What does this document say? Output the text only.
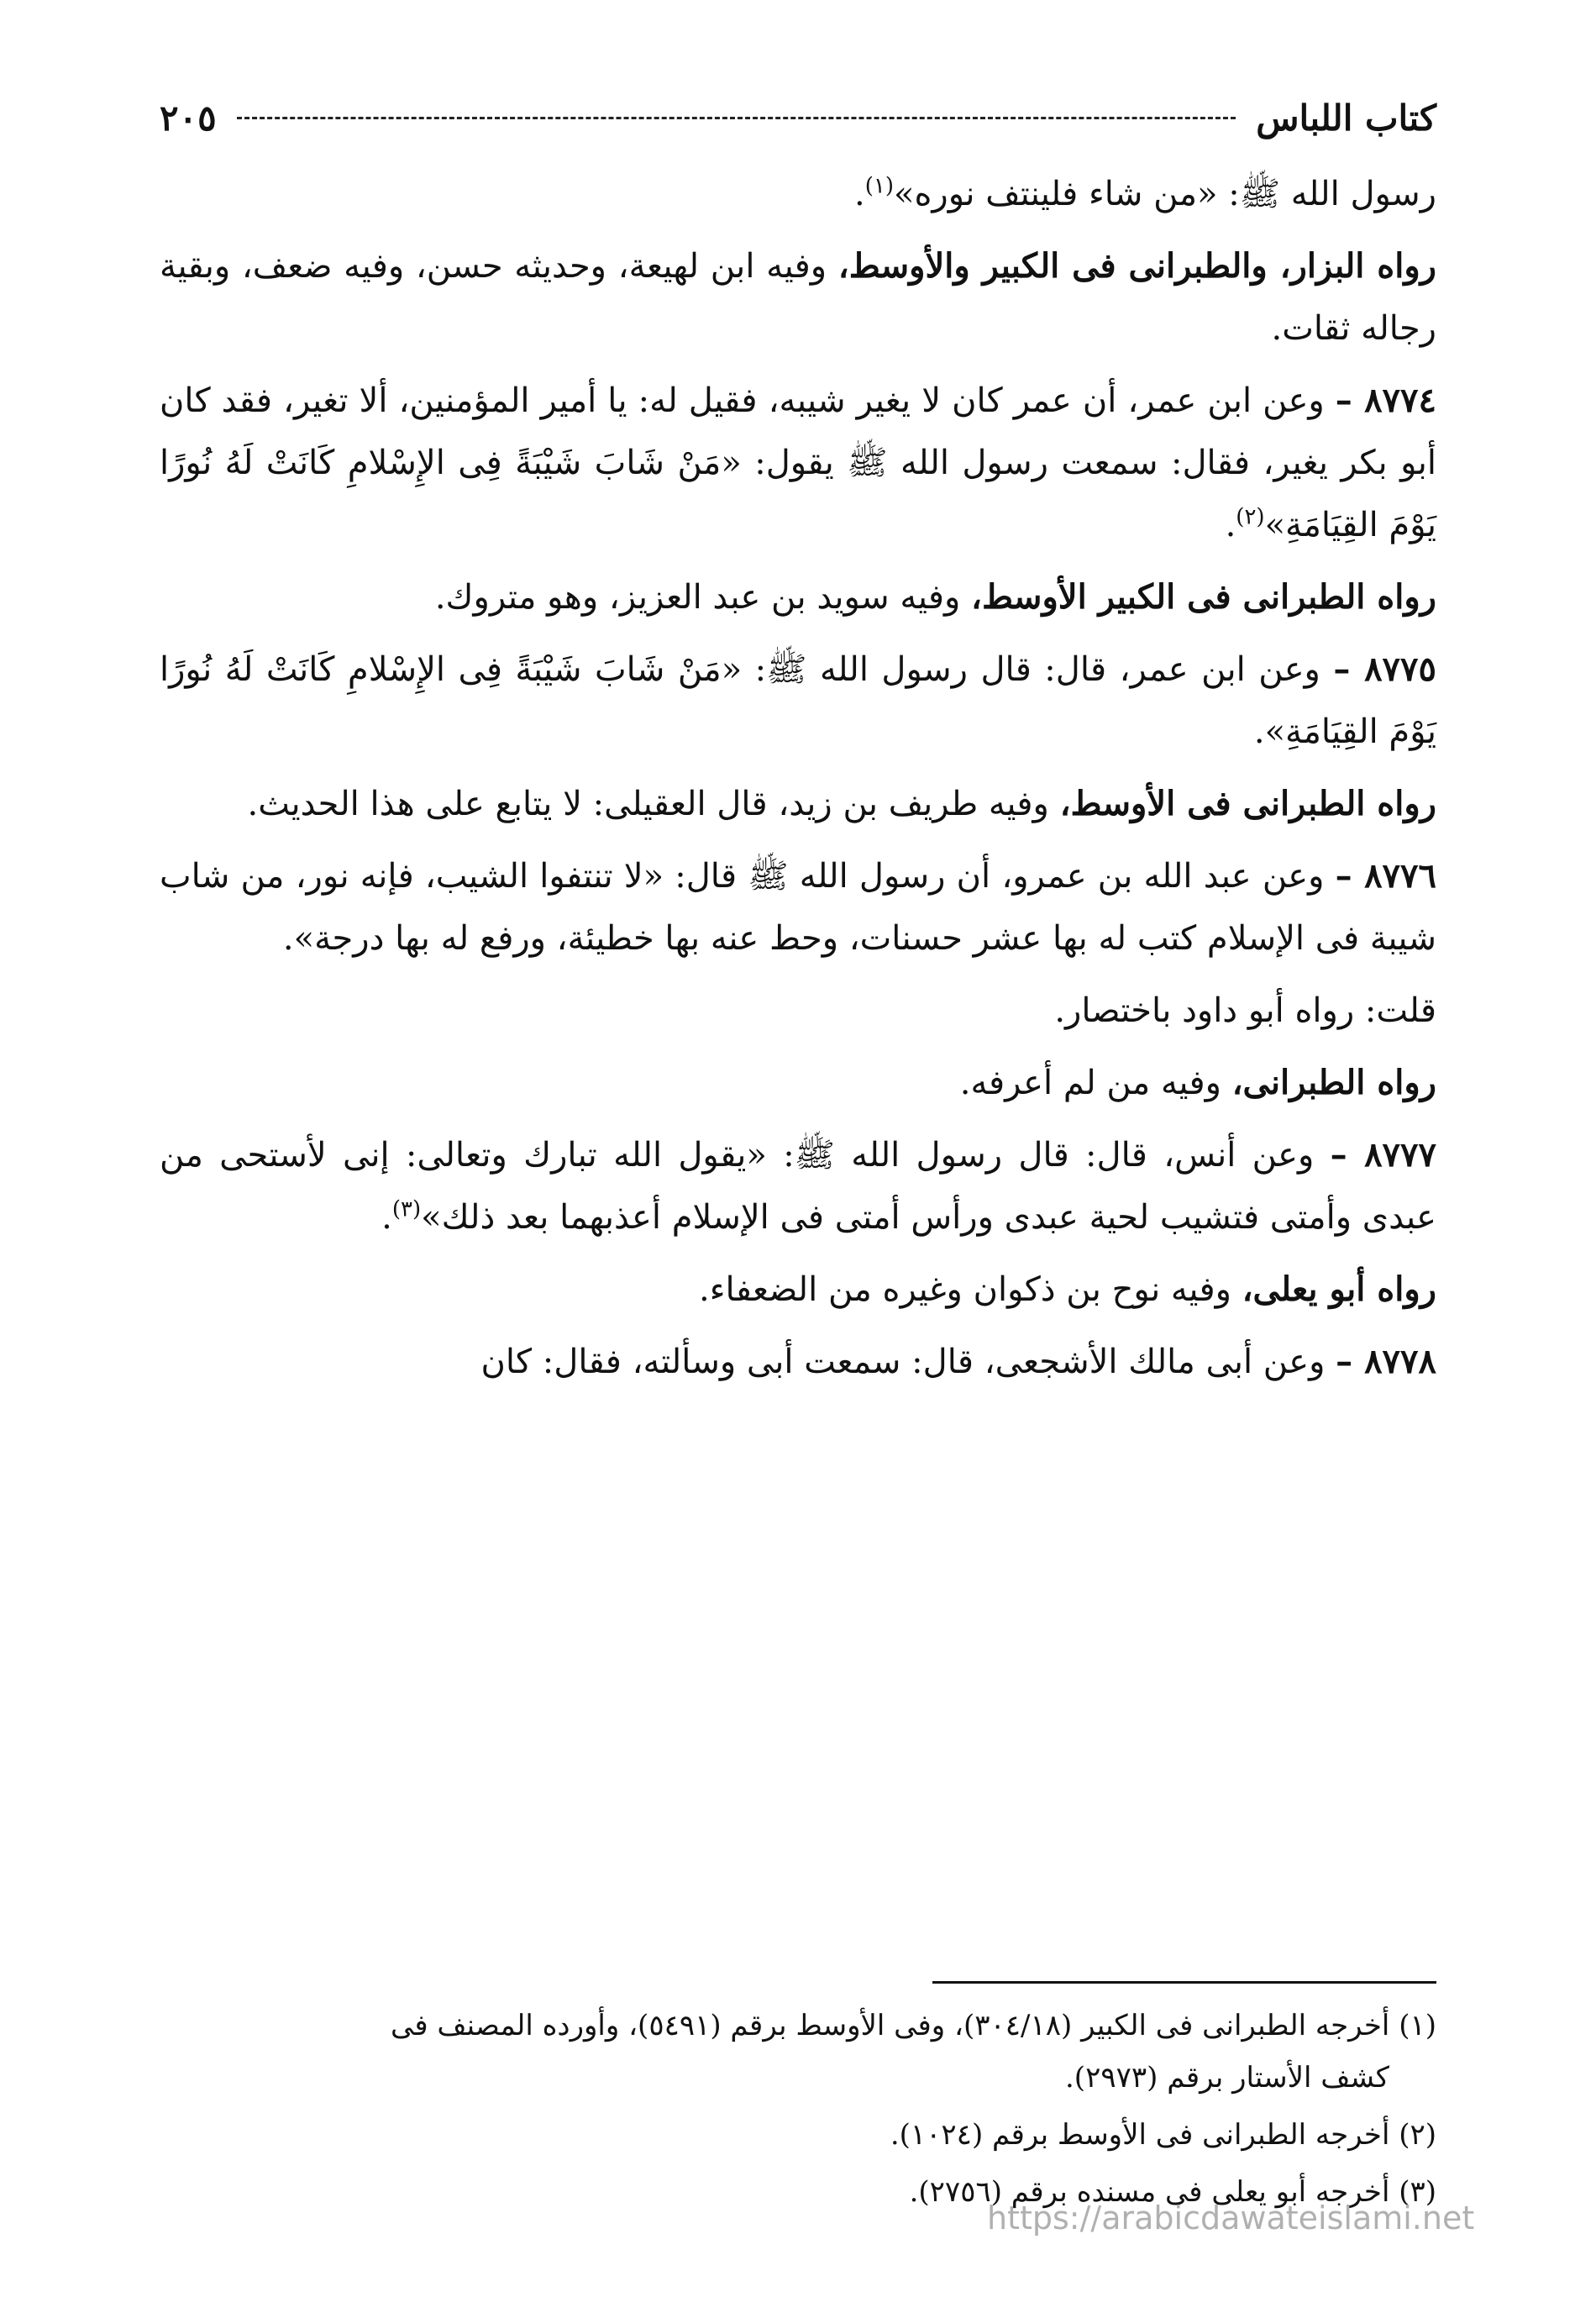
كتاب اللباس
٢٠٥
رسول الله ﷺ: «من شاء فلينتف نوره»$^{(١)}$.
رواه البزار، والطبرانى فى الكبير والأوسط، وفيه ابن لهيعة، وحديثه حسن، وفيه ضعف، وبقية رجاله ثقات.
٨٧٧٤ – وعن ابن عمر، أن عمر كان لا يغير شيبه، فقيل له: يا أمير المؤمنين، ألا تغير، فقد كان أبو بكر يغير، فقال: سمعت رسول الله ﷺ يقول: «مَنْ شَابَ شَيْبَةً فِى الإِسْلامِ كَانَتْ لَهُ نُورًا يَوْمَ القِيَامَةِ»$^{(٢)}$.
رواه الطبرانى فى الكبير الأوسط، وفيه سويد بن عبد العزيز، وهو متروك.
٨٧٧٥ – وعن ابن عمر، قال: قال رسول الله ﷺ: «مَنْ شَابَ شَيْبَةً فِى الإِسْلامِ كَانَتْ لَهُ نُورًا يَوْمَ القِيَامَةِ».
رواه الطبرانى فى الأوسط، وفيه طريف بن زيد، قال العقيلى: لا يتابع على هذا الحديث.
٨٧٧٦ – وعن عبد الله بن عمرو، أن رسول الله ﷺ قال: «لا تنتفوا الشيب، فإنه نور، من شاب شيبة فى الإسلام كتب له بها عشر حسنات، وحط عنه بها خطيئة، ورفع له بها درجة».
قلت: رواه أبو داود باختصار.
رواه الطبرانى، وفيه من لم أعرفه.
٨٧٧٧ – وعن أنس، قال: قال رسول الله ﷺ: «يقول الله تبارك وتعالى: إنى لأستحى من عبدى وأمتى فتشيب لحية عبدى ورأس أمتى فى الإسلام أعذبهما بعد ذلك»$^{(٣)}$.
رواه أبو يعلى، وفيه نوح بن ذكوان وغيره من الضعفاء.
٨٧٧٨ – وعن أبى مالك الأشجعى، قال: سمعت أبى وسألته، فقال: كان
(١) أخرجه الطبرانى فى الكبير (٣٠٤/١٨)، وفى الأوسط برقم (٥٤٩١)، وأورده المصنف فى
كشف الأستار برقم (٢٩٧٣).
(٢) أخرجه الطبرانى فى الأوسط برقم (١٠٢٤).
(٣) أخرجه أبو يعلى فى مسنده برقم (٢٧٥٦).
https://arabicdawateislami.net
